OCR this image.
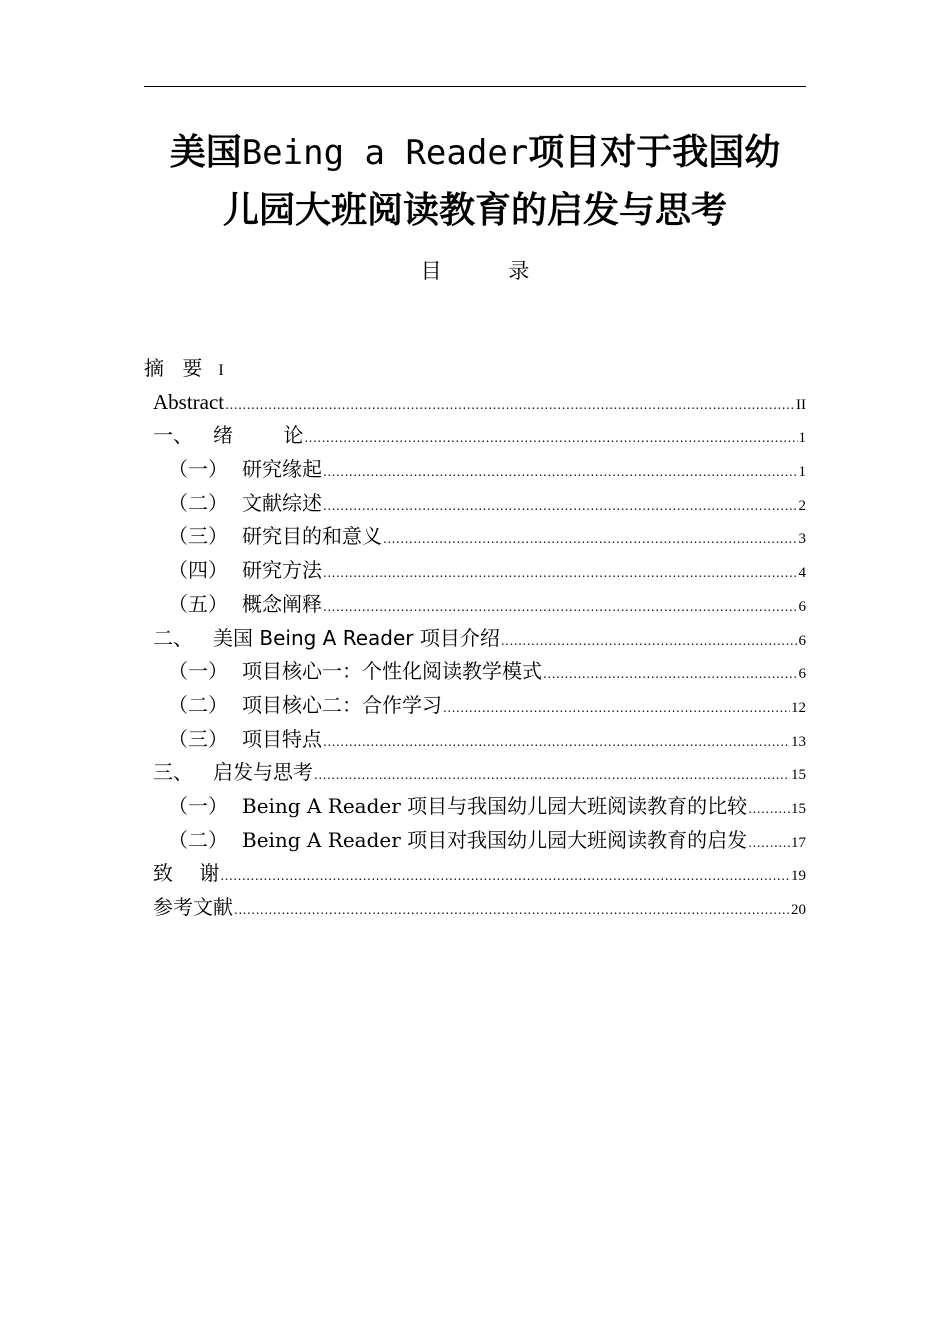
美国Being a Reader项目对于我国幼
儿园大班阅读教育的启发与思考
目 录
摘 要 I
Abstract .....	II
一、	绪 论 .....	1
（一） 研究缘起 .....	1
（二） 文献综述 .....	2
（三） 研究目的和意义 .....	3
（四） 研究方法 .....	4
（五） 概念阐释 .....	6
二、	美国 Being A Reader 项目介绍 .....	6
（一） 项目核心一：个性化阅读教学模式 .....	6
（二） 项目核心二：合作学习 .....	12
（三） 项目特点 .....	13
三、	启发与思考 .....	15
（一） Being A Reader 项目与我国幼儿园大班阅读教育的比较 .....	15
（二） Being A Reader 项目对我国幼儿园大班阅读教育的启发 .....	17
致 谢 .....	19
参考文献 .....	20
